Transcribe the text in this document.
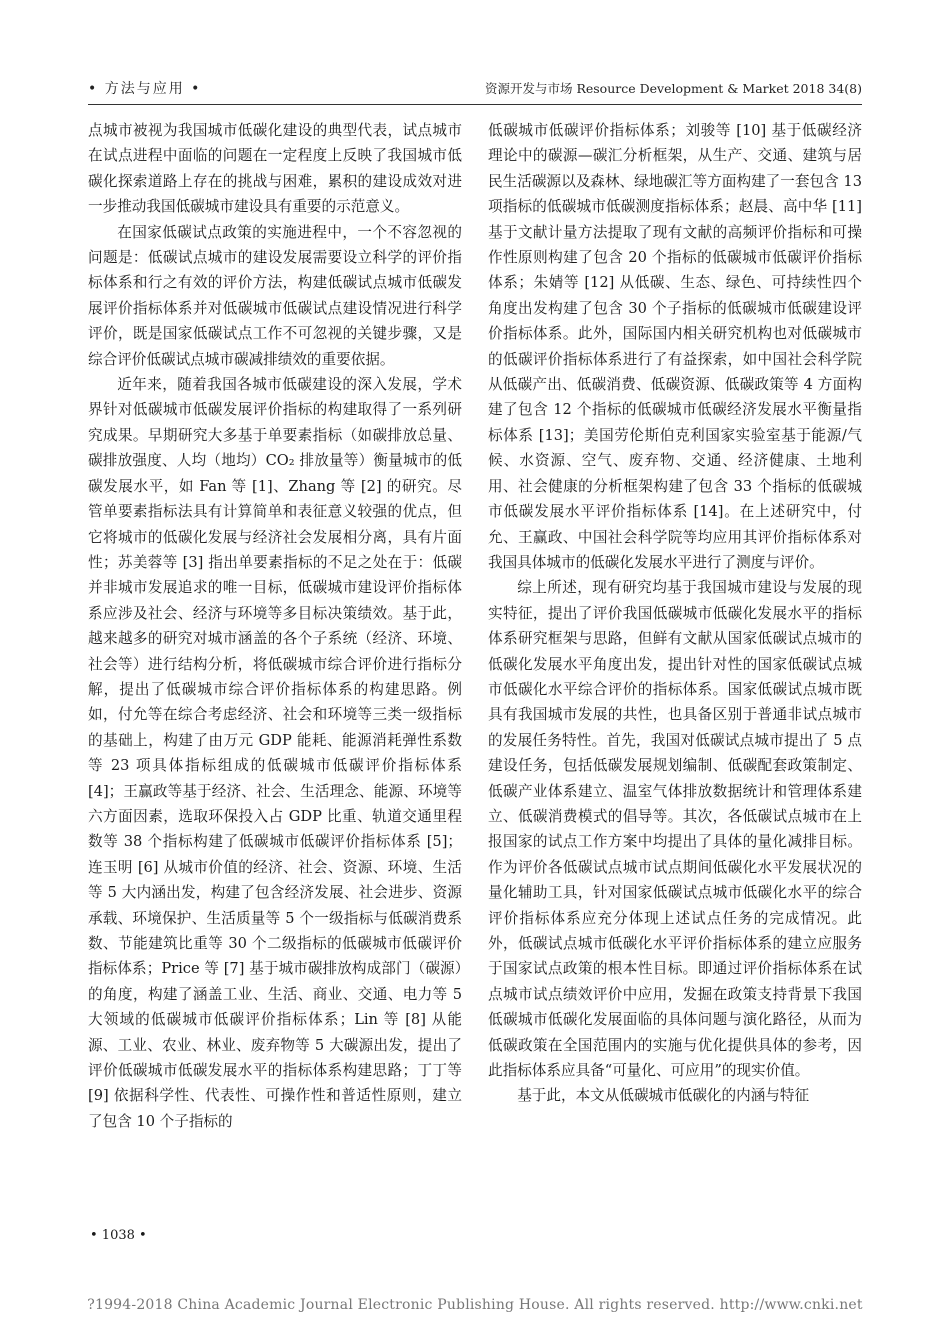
• 方法与应用 •	资源开发与市场 Resource Development & Market 2018 34(8)

点城市被视为我国城市低碳化建设的典型代表，试点城市在试点进程中面临的问题在一定程度上反映了我国城市低碳化探索道路上存在的挑战与困难，累积的建设成效对进一步推动我国低碳城市建设具有重要的示范意义。

在国家低碳试点政策的实施进程中，一个不容忽视的问题是：低碳试点城市的建设发展需要设立科学的评价指标体系和行之有效的评价方法，构建低碳试点城市低碳发展评价指标体系并对低碳城市低碳试点建设情况进行科学评价，既是国家低碳试点工作不可忽视的关键步骤，又是综合评价低碳试点城市碳减排绩效的重要依据。

近年来，随着我国各城市低碳建设的深入发展，学术界针对低碳城市低碳发展评价指标的构建取得了一系列研究成果。早期研究大多基于单要素指标（如碳排放总量、碳排放强度、人均（地均）CO₂ 排放量等）衡量城市的低碳发展水平，如 Fan 等 [1]、Zhang 等 [2] 的研究。尽管单要素指标法具有计算简单和表征意义较强的优点，但它将城市的低碳化发展与经济社会发展相分离，具有片面性；苏美蓉等 [3] 指出单要素指标的不足之处在于：低碳并非城市发展追求的唯一目标，低碳城市建设评价指标体系应涉及社会、经济与环境等多目标决策绩效。基于此，越来越多的研究对城市涵盖的各个子系统（经济、环境、社会等）进行结构分析，将低碳城市综合评价进行指标分解，提出了低碳城市综合评价指标体系的构建思路。例如，付允等在综合考虑经济、社会和环境等三类一级指标的基础上，构建了由万元 GDP 能耗、能源消耗弹性系数等 23 项具体指标组成的低碳城市低碳评价指标体系 [4]；王赢政等基于经济、社会、生活理念、能源、环境等六方面因素，选取环保投入占 GDP 比重、轨道交通里程数等 38 个指标构建了低碳城市低碳评价指标体系 [5]；连玉明 [6] 从城市价值的经济、社会、资源、环境、生活等 5 大内涵出发，构建了包含经济发展、社会进步、资源承载、环境保护、生活质量等 5 个一级指标与低碳消费系数、节能建筑比重等 30 个二级指标的低碳城市低碳评价指标体系；Price 等 [7] 基于城市碳排放构成部门（碳源）的角度，构建了涵盖工业、生活、商业、交通、电力等 5 大领域的低碳城市低碳评价指标体系；Lin 等 [8] 从能源、工业、农业、林业、废弃物等 5 大碳源出发，提出了评价低碳城市低碳发展水平的指标体系构建思路；丁丁等 [9] 依据科学性、代表性、可操作性和普适性原则，建立了包含 10 个子指标的

低碳城市低碳评价指标体系；刘骏等 [10] 基于低碳经济理论中的碳源—碳汇分析框架，从生产、交通、建筑与居民生活碳源以及森林、绿地碳汇等方面构建了一套包含 13 项指标的低碳城市低碳测度指标体系；赵晨、高中华 [11] 基于文献计量方法提取了现有文献的高频评价指标和可操作性原则构建了包含 20 个指标的低碳城市低碳评价指标体系；朱婧等 [12] 从低碳、生态、绿色、可持续性四个角度出发构建了包含 30 个子指标的低碳城市低碳建设评价指标体系。此外，国际国内相关研究机构也对低碳城市的低碳评价指标体系进行了有益探索，如中国社会科学院从低碳产出、低碳消费、低碳资源、低碳政策等 4 方面构建了包含 12 个指标的低碳城市低碳经济发展水平衡量指标体系 [13]；美国劳伦斯伯克利国家实验室基于能源/气候、水资源、空气、废弃物、交通、经济健康、土地利用、社会健康的分析框架构建了包含 33 个指标的低碳城市低碳发展水平评价指标体系 [14]。在上述研究中，付允、王赢政、中国社会科学院等均应用其评价指标体系对我国具体城市的低碳化发展水平进行了测度与评价。

综上所述，现有研究均基于我国城市建设与发展的现实特征，提出了评价我国低碳城市低碳化发展水平的指标体系研究框架与思路，但鲜有文献从国家低碳试点城市的低碳化发展水平角度出发，提出针对性的国家低碳试点城市低碳化水平综合评价的指标体系。国家低碳试点城市既具有我国城市发展的共性，也具备区别于普通非试点城市的发展任务特性。首先，我国对低碳试点城市提出了 5 点建设任务，包括低碳发展规划编制、低碳配套政策制定、低碳产业体系建立、温室气体排放数据统计和管理体系建立、低碳消费模式的倡导等。其次，各低碳试点城市在上报国家的试点工作方案中均提出了具体的量化减排目标。作为评价各低碳试点城市试点期间低碳化水平发展状况的量化辅助工具，针对国家低碳试点城市低碳化水平的综合评价指标体系应充分体现上述试点任务的完成情况。此外，低碳试点城市低碳化水平评价指标体系的建立应服务于国家试点政策的根本性目标。即通过评价指标体系在试点城市试点绩效评价中应用，发掘在政策支持背景下我国低碳城市低碳化发展面临的具体问题与演化路径，从而为低碳政策在全国范围内的实施与优化提供具体的参考，因此指标体系应具备“可量化、可应用”的现实价值。

基于此，本文从低碳城市低碳化的内涵与特征

• 1038 •
?1994-2018 China Academic Journal Electronic Publishing House. All rights reserved. http://www.cnki.net
